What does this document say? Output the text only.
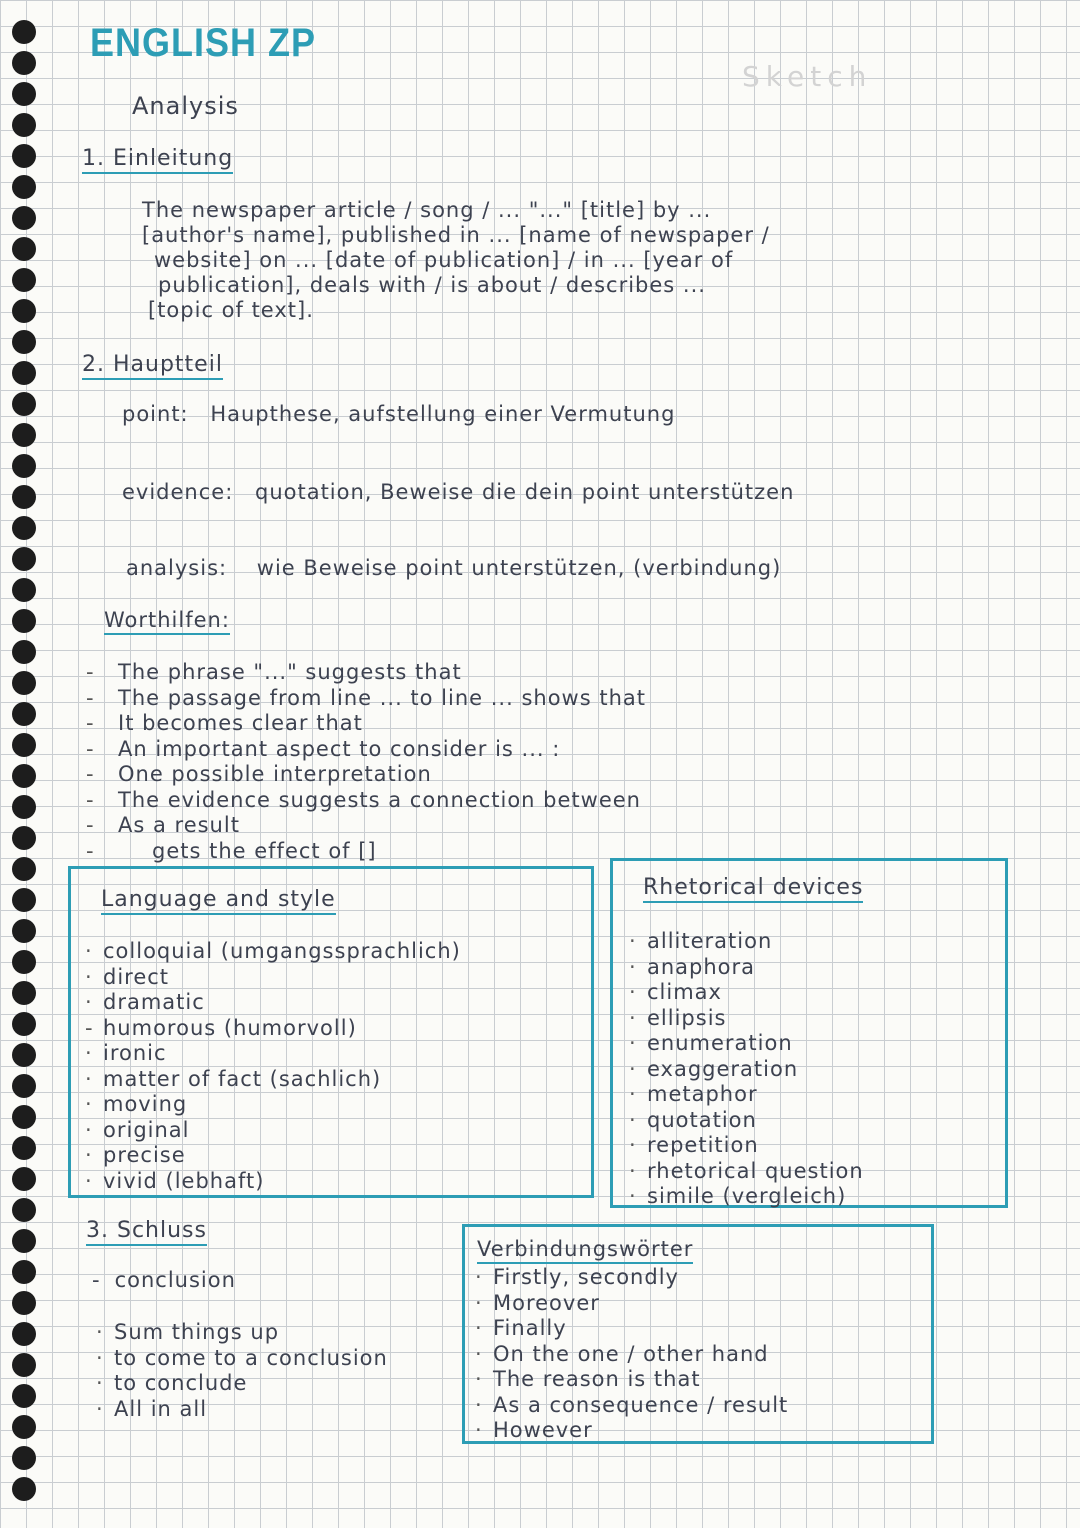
ENGLISH ZP
Sketch
Analysis
1. Einleitung
The newspaper article / song / ... "..." [title] by ...
[author's name], published in ... [name of newspaper /
website] on ... [date of publication] / in ... [year of
publication], deals with / is about / describes ...
[topic of text].
2. Hauptteil
point: Haupthese, aufstellung einer Vermutung
evidence: quotation, Beweise die dein point unterstützen
analysis: wie Beweise point unterstützen, (verbindung)
Worthilfen:
- The phrase "..." suggests that
- The passage from line ... to line ... shows that
- It becomes clear that
- An important aspect to consider is ... :
- One possible interpretation
- The evidence suggests a connection between
- As a result
-	gets the effect of []
Language and style
· colloquial (umgangssprachlich)
· direct
· dramatic
- humorous (humorvoll)
· ironic
· matter of fact (sachlich)
· moving
· original
· precise
· vivid (lebhaft)
Rhetorical devices
· alliteration
· anaphora
· climax
· ellipsis
· enumeration
· exaggeration
· metaphor
· quotation
· repetition
· rhetorical question
· simile (vergleich)
3. Schluss
- conclusion
· Sum things up
· to come to a conclusion
· to conclude
· All in all
Verbindungswörter
· Firstly, secondly
· Moreover
· Finally
· On the one / other hand
· The reason is that
· As a consequence / result
· However
